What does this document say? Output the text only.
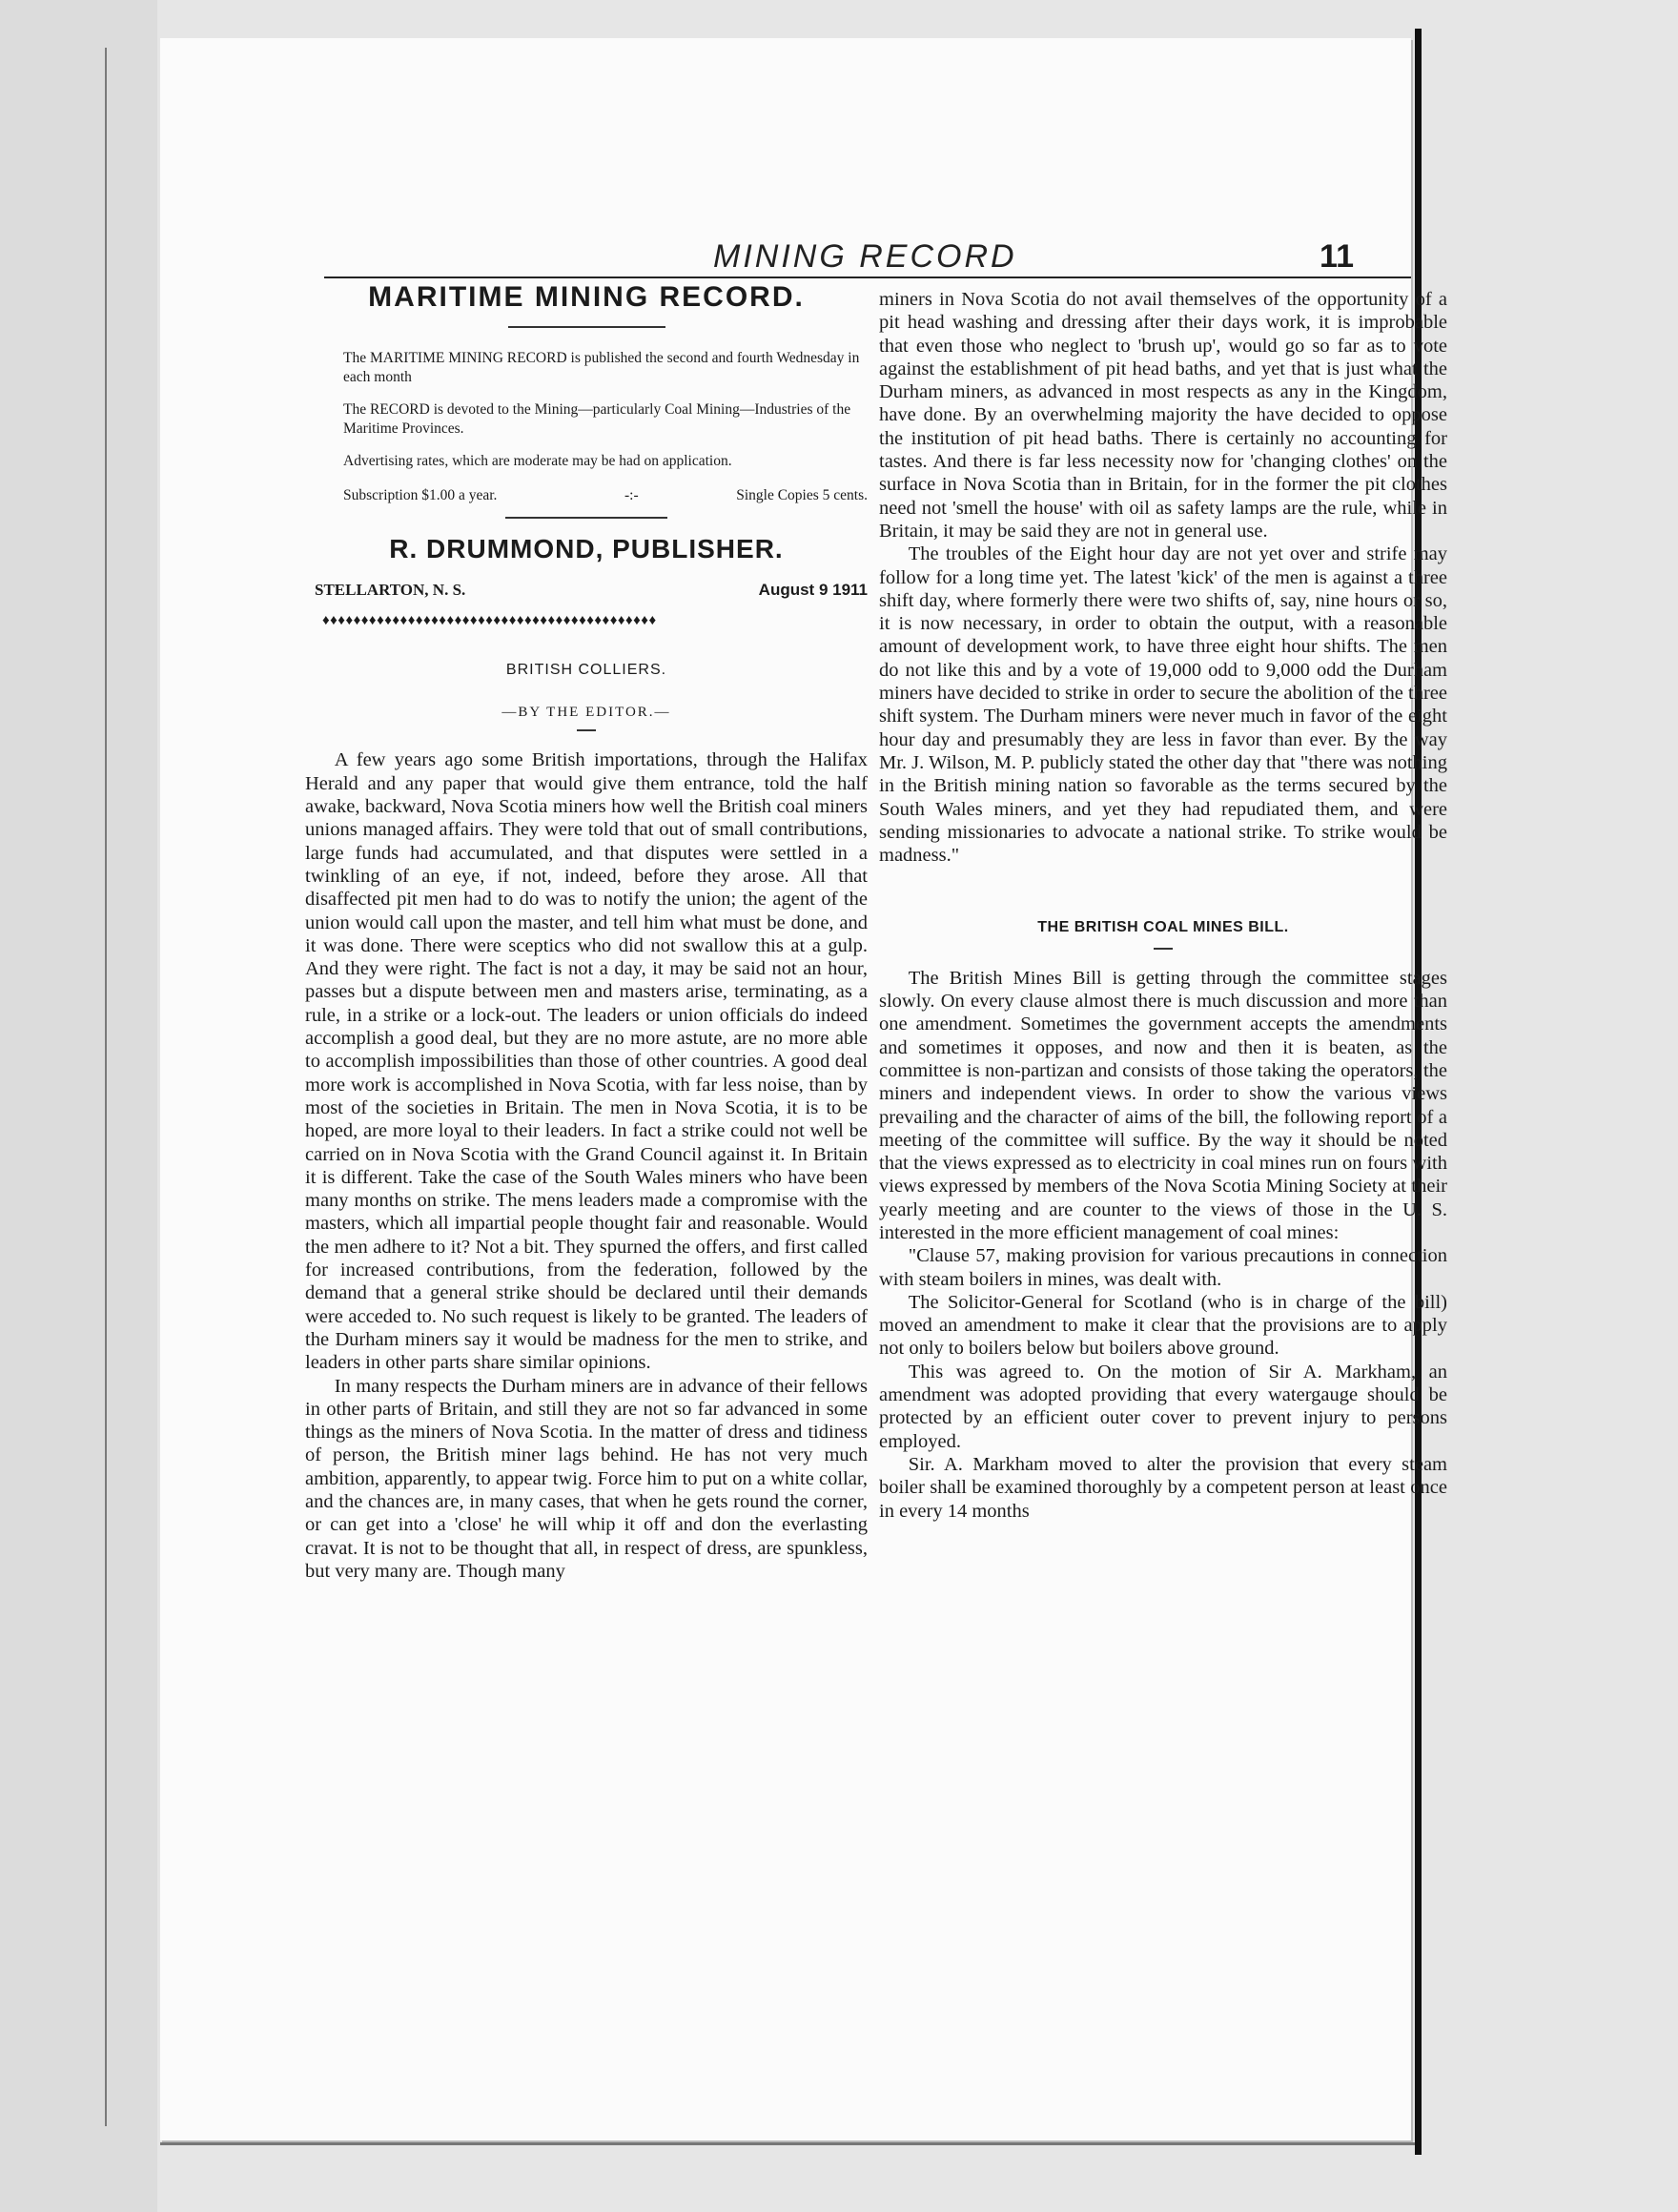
MINING RECORD	11
MARITIME MINING RECORD.
The MARITIME MINING RECORD is published the second and fourth Wednesday in each month
The RECORD is devoted to the Mining—particularly Coal Mining—Industries of the Maritime Provinces.
Advertising rates, which are moderate may be had on application.
Subscription $1.00 a year.	-:-	Single Copies 5 cents.
R. DRUMMOND, PUBLISHER.
STELLARTON, N. S.	August 9 1911
♦♦♦♦♦♦♦♦♦♦♦♦♦♦♦♦♦♦♦♦♦♦♦♦♦♦♦♦♦♦♦♦♦♦♦♦♦♦♦♦♦♦♦
BRITISH COLLIERS.
—BY THE EDITOR.—

A few years ago some British importations, through the Halifax Herald and any paper that would give them entrance, told the half awake, backward, Nova Scotia miners how well the British coal miners unions managed affairs. They were told that out of small contributions, large funds had accumulated, and that disputes were settled in a twinkling of an eye, if not, indeed, before they arose. All that disaffected pit men had to do was to notify the union; the agent of the union would call upon the master, and tell him what must be done, and it was done. There were sceptics who did not swallow this at a gulp. And they were right. The fact is not a day, it may be said not an hour, passes but a dispute between men and masters arise, terminating, as a rule, in a strike or a lock-out. The leaders or union officials do indeed accomplish a good deal, but they are no more astute, are no more able to accomplish impossibilities than those of other countries. A good deal more work is accomplished in Nova Scotia, with far less noise, than by most of the societies in Britain. The men in Nova Scotia, it is to be hoped, are more loyal to their leaders. In fact a strike could not well be carried on in Nova Scotia with the Grand Council against it. In Britain it is different. Take the case of the South Wales miners who have been many months on strike. The mens leaders made a compromise with the masters, which all impartial people thought fair and reasonable. Would the men adhere to it? Not a bit. They spurned the offers, and first called for increased contributions, from the federation, followed by the demand that a general strike should be declared until their demands were acceded to. No such request is likely to be granted. The leaders of the Durham miners say it would be madness for the men to strike, and leaders in other parts share similar opinions.

In many respects the Durham miners are in advance of their fellows in other parts of Britain, and still they are not so far advanced in some things as the miners of Nova Scotia. In the matter of dress and tidiness of person, the British miner lags behind. He has not very much ambition, apparently, to appear twig. Force him to put on a white collar, and the chances are, in many cases, that when he gets round the corner, or can get into a 'close' he will whip it off and don the everlasting cravat. It is not to be thought that all, in respect of dress, are spunkless, but very many are. Though many

miners in Nova Scotia do not avail themselves of the opportunity of a pit head washing and dressing after their days work, it is improbable that even those who neglect to 'brush up', would go so far as to vote against the establishment of pit head baths, and yet that is just what the Durham miners, as advanced in most respects as any in the Kingdom, have done. By an overwhelming majority the have decided to oppose the institution of pit head baths. There is certainly no accounting for tastes. And there is far less necessity now for 'changing clothes' on the surface in Nova Scotia than in Britain, for in the former the pit clothes need not 'smell the house' with oil as safety lamps are the rule, while in Britain, it may be said they are not in general use.

The troubles of the Eight hour day are not yet over and strife may follow for a long time yet. The latest 'kick' of the men is against a three shift day, where formerly there were two shifts of, say, nine hours or so, it is now necessary, in order to obtain the output, with a reasonable amount of development work, to have three eight hour shifts. The men do not like this and by a vote of 19,000 odd to 9,000 odd the Durham miners have decided to strike in order to secure the abolition of the three shift system. The Durham miners were never much in favor of the eight hour day and presumably they are less in favor than ever. By the way Mr. J. Wilson, M. P. publicly stated the other day that "there was nothing in the British mining nation so favorable as the terms secured by the South Wales miners, and yet they had repudiated them, and were sending missionaries to advocate a national strike. To strike would be madness."

THE BRITISH COAL MINES BILL.

The British Mines Bill is getting through the committee stages slowly. On every clause almost there is much discussion and more than one amendment. Sometimes the government accepts the amendments and sometimes it opposes, and now and then it is beaten, as the committee is non-partizan and consists of those taking the operators, the miners and independent views. In order to show the various views prevailing and the character of aims of the bill, the following report of a meeting of the committee will suffice. By the way it should be noted that the views expressed as to electricity in coal mines run on fours with views expressed by members of the Nova Scotia Mining Society at their yearly meeting and are counter to the views of those in the U. S. interested in the more efficient management of coal mines:

"Clause 57, making provision for various precautions in connection with steam boilers in mines, was dealt with.

The Solicitor-General for Scotland (who is in charge of the bill) moved an amendment to make it clear that the provisions are to apply not only to boilers below but boilers above ground.

This was agreed to. On the motion of Sir A. Markham, an amendment was adopted providing that every watergauge should be protected by an efficient outer cover to prevent injury to persons employed.

Sir. A. Markham moved to alter the provision that every steam boiler shall be examined thoroughly by a competent person at least once in every 14 months
